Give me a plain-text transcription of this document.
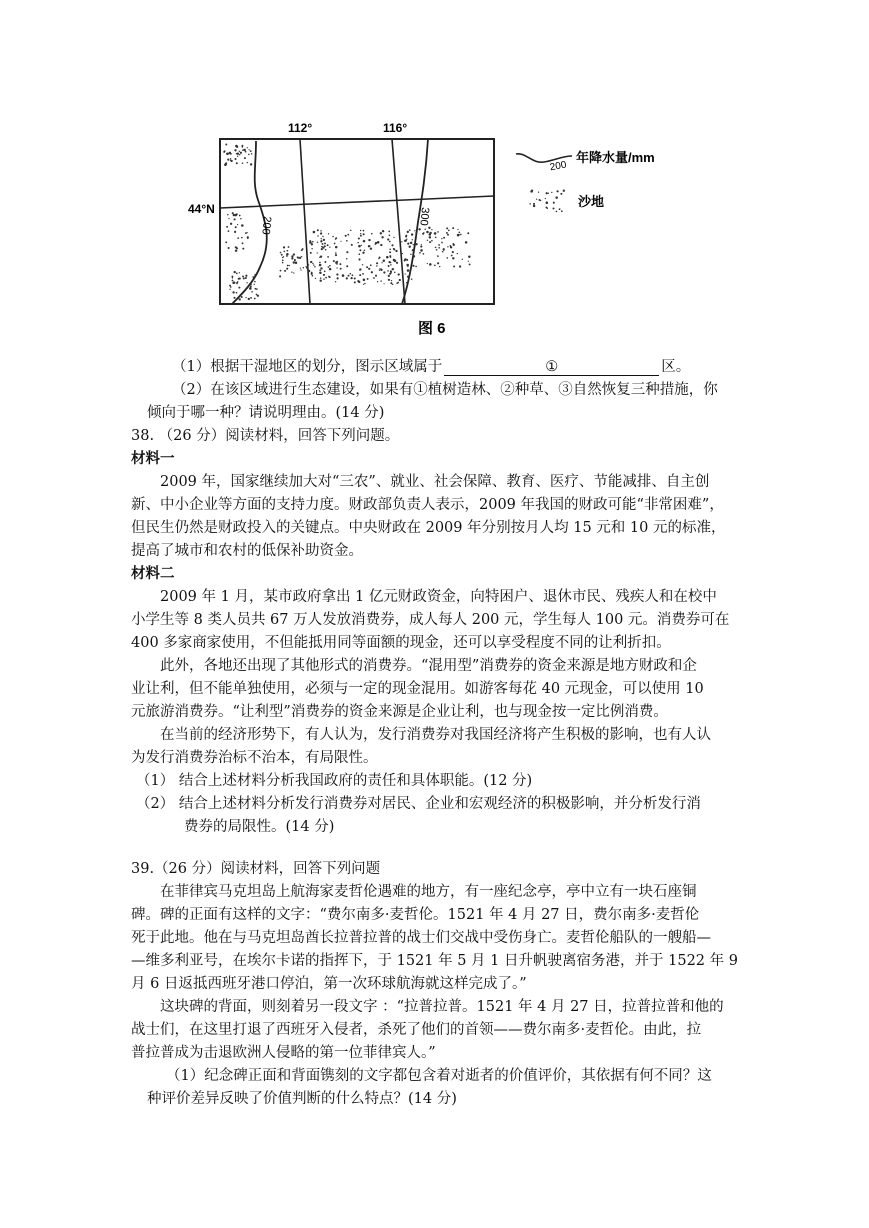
112°	116°
44°N
200	300
200
年降水量/mm
沙地
图 6
（1）根据干湿地区的划分，图示区域属于	①	区。
（2）在该区域进行生态建设，如果有①植树造林、②种草、③自然恢复三种措施，你
倾向于哪一种？请说明理由。(14 分)
38. （26 分）阅读材料，回答下列问题。
材料一
2009 年，国家继续加大对“三农”、就业、社会保障、教育、医疗、节能减排、自主创
新、中小企业等方面的支持力度。财政部负责人表示，2009 年我国的财政可能“非常困难”，
但民生仍然是财政投入的关键点。中央财政在 2009 年分别按月人均 15 元和 10 元的标准，
提高了城市和农村的低保补助资金。
材料二
2009 年 1 月，某市政府拿出 1 亿元财政资金，向特困户、退休市民、残疾人和在校中
小学生等 8 类人员共 67 万人发放消费券，成人每人 200 元，学生每人 100 元。消费券可在
400 多家商家使用，不但能抵用同等面额的现金，还可以享受程度不同的让利折扣。
此外，各地还出现了其他形式的消费券。“混用型”消费券的资金来源是地方财政和企
业让利，但不能单独使用，必须与一定的现金混用。如游客每花 40 元现金，可以使用 10
元旅游消费券。“让利型”消费券的资金来源是企业让利，也与现金按一定比例消费。
在当前的经济形势下，有人认为，发行消费券对我国经济将产生积极的影响，也有人认
为发行消费券治标不治本，有局限性。
（1） 结合上述材料分析我国政府的责任和具体职能。(12 分)
（2） 结合上述材料分析发行消费券对居民、企业和宏观经济的积极影响，并分析发行消
费券的局限性。(14 分)
39.（26 分）阅读材料，回答下列问题
在菲律宾马克坦岛上航海家麦哲伦遇难的地方，有一座纪念亭，亭中立有一块石座铜
碑。碑的正面有这样的文字：“费尔南多·麦哲伦。1521 年 4 月 27 日，费尔南多·麦哲伦
死于此地。他在与马克坦岛酋长拉普拉普的战士们交战中受伤身亡。麦哲伦船队的一艘船—
—维多利亚号，在埃尔卡诺的指挥下，于 1521 年 5 月 1 日升帆驶离宿务港，并于 1522 年 9
月 6 日返抵西班牙港口停泊，第一次环球航海就这样完成了。”
这块碑的背面，则刻着另一段文字 ：“拉普拉普。1521 年 4 月 27 日，拉普拉普和他的
战士们，在这里打退了西班牙入侵者，杀死了他们的首领——费尔南多·麦哲伦。由此，拉
普拉普成为击退欧洲人侵略的第一位菲律宾人。”
（1）纪念碑正面和背面镌刻的文字都包含着对逝者的价值评价，其依据有何不同？这
种评价差异反映了价值判断的什么特点？(14 分)
